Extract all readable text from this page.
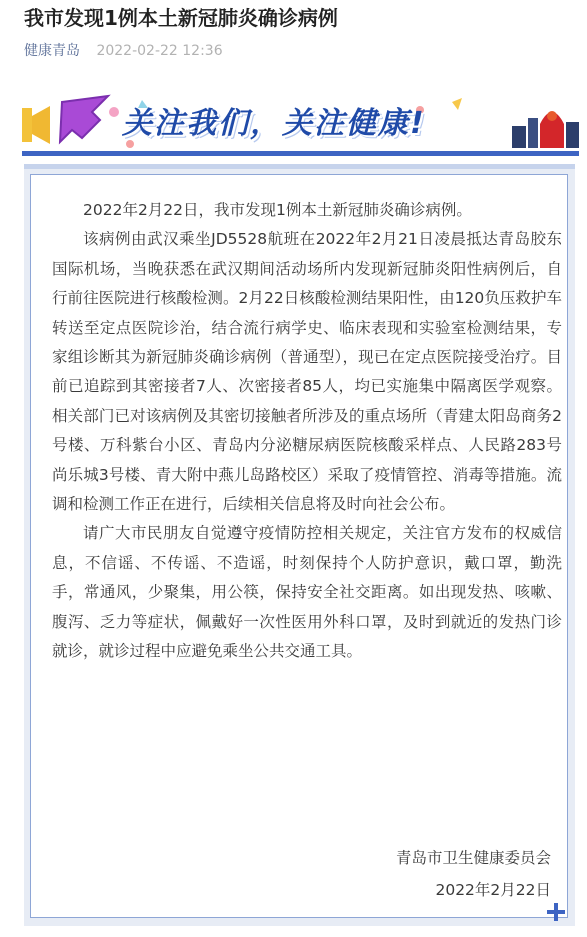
我市发现1例本土新冠肺炎确诊病例
健康青岛 2022-02-22 12:36
关注我们，关注健康!

2022年2月22日，我市发现1例本土新冠肺炎确诊病例。

该病例由武汉乘坐JD5528航班在2022年2月21日凌晨抵达青岛胶东国际机场，当晚获悉在武汉期间活动场所内发现新冠肺炎阳性病例后，自行前往医院进行核酸检测。2月22日核酸检测结果阳性，由120负压救护车转送至定点医院诊治，结合流行病学史、临床表现和实验室检测结果，专家组诊断其为新冠肺炎确诊病例（普通型），现已在定点医院接受治疗。目前已追踪到其密接者7人、次密接者85人，均已实施集中隔离医学观察。相关部门已对该病例及其密切接触者所涉及的重点场所（青建太阳岛商务2号楼、万科紫台小区、青岛内分泌糖尿病医院核酸采样点、人民路283号尚乐城3号楼、青大附中燕儿岛路校区）采取了疫情管控、消毒等措施。流调和检测工作正在进行，后续相关信息将及时向社会公布。

请广大市民朋友自觉遵守疫情防控相关规定，关注官方发布的权威信息，不信谣、不传谣、不造谣，时刻保持个人防护意识，戴口罩，勤洗手，常通风，少聚集，用公筷，保持安全社交距离。如出现发热、咳嗽、腹泻、乏力等症状，佩戴好一次性医用外科口罩，及时到就近的发热门诊就诊，就诊过程中应避免乘坐公共交通工具。

青岛市卫生健康委员会
2022年2月22日
